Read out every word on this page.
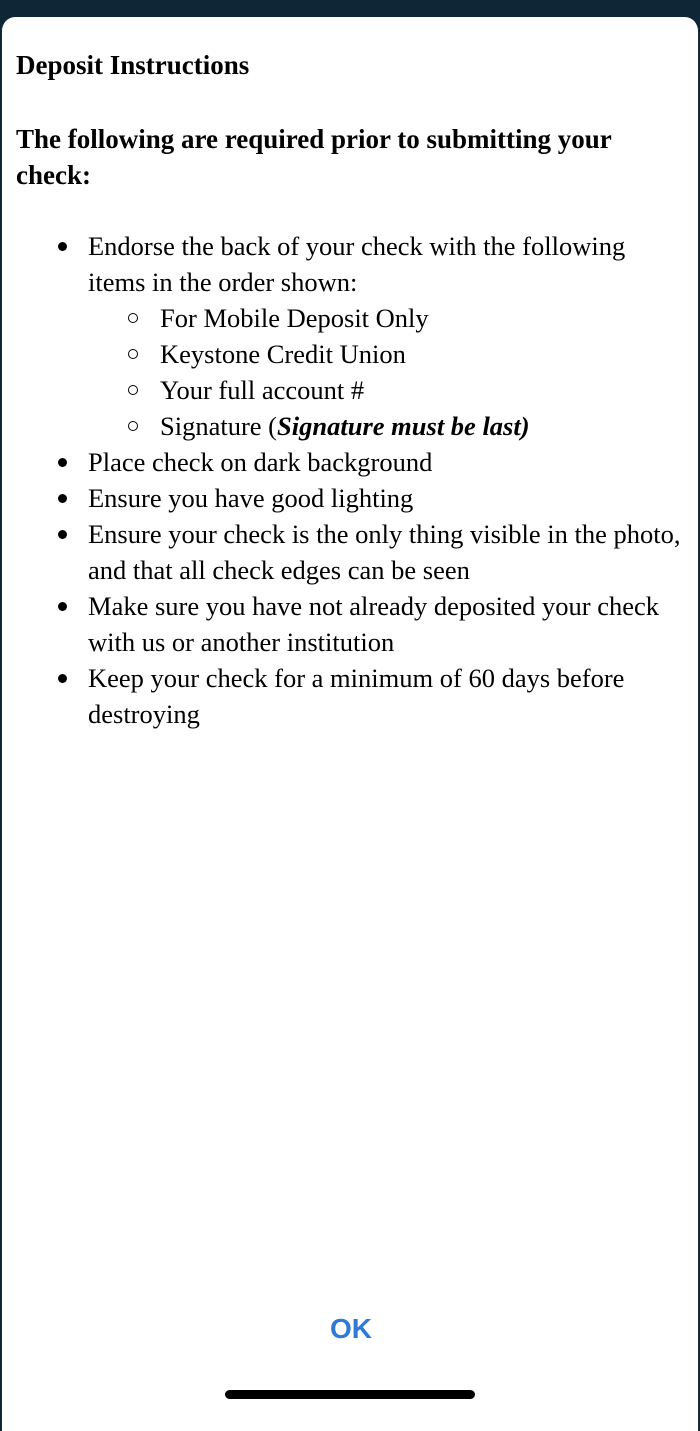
Deposit Instructions
The following are required prior to submitting your check:
Endorse the back of your check with the following items in the order shown:
For Mobile Deposit Only
Keystone Credit Union
Your full account #
Signature (Signature must be last)
Place check on dark background
Ensure you have good lighting
Ensure your check is the only thing visible in the photo, and that all check edges can be seen
Make sure you have not already deposited your check with us or another institution
Keep your check for a minimum of 60 days before destroying
OK
